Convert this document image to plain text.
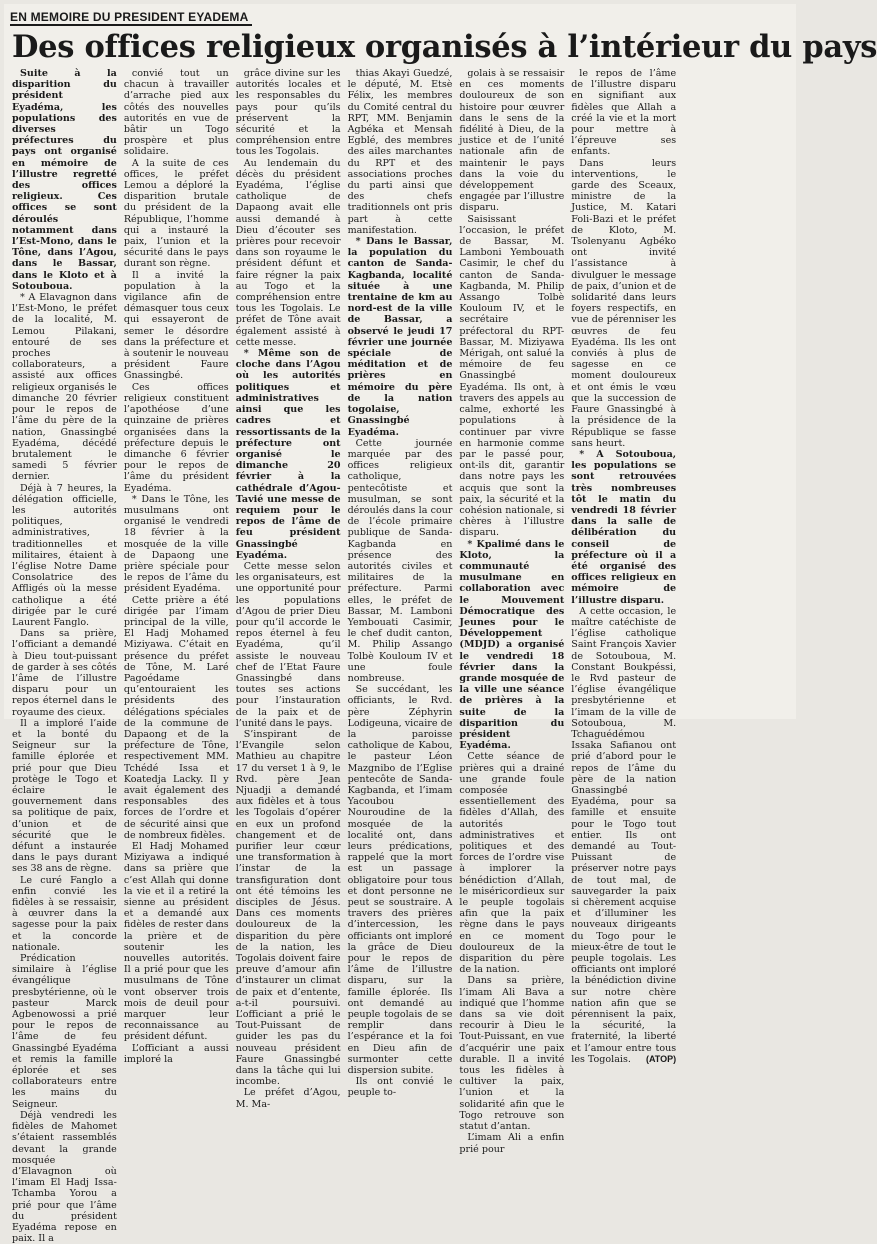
EN MEMOIRE DU PRESIDENT EYADEMA
Des offices religieux organisés à l’intérieur du pays

Suite à la disparition du président Eyadéma, les populations des diverses préfectures du pays ont organisé en mémoire de l’illustre regretté des offices religieux. Ces offices se sont déroulés notamment dans l’Est-Mono, dans le Tône, dans l’Agou, dans le Bassar, dans le Kloto et à Sotouboua.

* A Elavagnon dans l’Est-Mono, le préfet de la localité, M. Lemou Pilakani, entouré de ses proches collaborateurs, a assisté aux offices religieux organisés le dimanche 20 février pour le repos de l’âme du père de la nation, Gnassingbé Eyadéma, décédé brutalement le samedi 5 février dernier.

Déjà à 7 heures, la délégation officielle, les autorités politiques, administratives, traditionnelles et militaires, étaient à l’église Notre Dame Consolatrice des Affligés où la messe catholique a été dirigée par le curé Laurent Fanglo.

Dans sa prière, l’officiant a demandé à Dieu tout-puissant de garder à ses côtés l’âme de l’illustre disparu pour un repos éternel dans le royaume des cieux.

Il a imploré l’aide et la bonté du Seigneur sur la famille éplorée et prié pour que Dieu protège le Togo et éclaire le gouvernement dans sa politique de paix, d’union et de sécurité que le défunt a instaurée dans le pays durant ses 38 ans de règne.

Le curé Fanglo a enfin convié les fidèles à se ressaisir, à œuvrer dans la sagesse pour la paix et la concorde nationale.

Prédication similaire à l’église évangélique presbytérienne, où le pasteur Marck Agbenowossi a prié pour le repos de l’âme de feu Gnassingbé Eyadéma et remis la famille éplorée et ses collaborateurs entre les mains du Seigneur.

Déjà vendredi les fidèles de Mahomet s’étaient rassemblés devant la grande mosquée d’Elavagnon où l’imam El Hadj Issa-Tchamba Yorou a prié pour que l’âme du président Eyadéma repose en paix. Il a

convié tout un chacun à travailler d’arrache pied aux côtés des nouvelles autorités en vue de bâtir un Togo prospère et plus solidaire.

A la suite de ces offices, le préfet Lemou a déploré la disparition brutale du président de la République, l’homme qui a instauré la paix, l’union et la sécurité dans le pays durant son règne.

Il a invité la population à la vigilance afin de démasquer tous ceux qui essayeront de semer le désordre dans la préfecture et à soutenir le nouveau président Faure Gnassingbé.

Ces offices religieux constituent l’apothéose d’une quinzaine de prières organisées dans la préfecture depuis le dimanche 6 février pour le repos de l’âme du président Eyadéma.

* Dans le Tône, les musulmans ont organisé le vendredi 18 février à la mosquée de la ville de Dapaong une prière spéciale pour le repos de l’âme du président Eyadéma.

Cette prière a été dirigée par l’imam principal de la ville, El Hadj Mohamed Miziyawa. C’était en présence du préfet de Tône, M. Laré Pagoédame qu’entouraient les présidents des délégations spéciales de la commune de Dapaong et de la préfecture de Tône, respectivement MM. Tchédé Issa et Koatedja Lacky. Il y avait également des responsables des forces de l’ordre et de sécurité ainsi que de nombreux fidèles.

El Hadj Mohamed Miziyawa a indiqué dans sa prière que c’est Allah qui donne la vie et il a retiré la sienne au président et a demandé aux fidèles de rester dans la prière et de soutenir les nouvelles autorités. Il a prié pour que les musulmans de Tône vont observer trois mois de deuil pour marquer leur reconnaissance au président défunt.

L’officiant a aussi imploré la

grâce divine sur les autorités locales et les responsables du pays pour qu’ils préservent la sécurité et la compréhension entre tous les Togolais.

Au lendemain du décès du président Eyadéma, l’église catholique de Dapaong avait elle aussi demandé à Dieu d’écouter ses prières pour recevoir dans son royaume le président défunt et faire régner la paix au Togo et la compréhension entre tous les Togolais. Le préfet de Tône avait également assisté à cette messe.

* Même son de cloche dans l’Agou où les autorités politiques et administratives ainsi que les cadres et ressortissants de la préfecture ont organisé le dimanche 20 février à la cathédrale d’Agou-Tavié une messe de requiem pour le repos de l’âme de feu président Gnassingbé Eyadéma.

Cette messe selon les organisateurs, est une opportunité pour les populations d’Agou de prier Dieu pour qu’il accorde le repos éternel à feu Eyadéma, qu’il assiste le nouveau chef de l’Etat Faure Gnassingbé dans toutes ses actions pour l’instauration de la paix et de l’unité dans le pays.

S’inspirant de l’Evangile selon Mathieu au chapitre 17 du verset 1 à 9, le Rvd. père Jean Njuadji a demandé aux fidèles et à tous les Togolais d’opérer en eux un profond changement et de purifier leur cœur une transformation à l’instar de la transfiguration dont ont été témoins les disciples de Jésus. Dans ces moments douloureux de la disparition du père de la nation, les Togolais doivent faire preuve d’amour afin d’instaurer un climat de paix et d’entente, a-t-il poursuivi. L’officiant a prié le Tout-Puissant de guider les pas du nouveau président Faure Gnassingbé dans la tâche qui lui incombe.

Le préfet d’Agou, M. Ma-

thias Akayi Guedzé, le député, M. Etsè Félix, les membres du Comité central du RPT, MM. Benjamin Agbéka et Mensah Egblé, des membres des ailes marchantes du RPT et des associations proches du parti ainsi que des chefs traditionnels ont pris part à cette manifestation.

* Dans le Bassar, la population du canton de Sanda-Kagbanda, localité située à une trentaine de km au nord-est de la ville de Bassar, a observé le jeudi 17 février une journée spéciale de méditation et de prières en mémoire du père de la nation togolaise, Gnassingbé Eyadéma.

Cette journée marquée par des offices religieux catholique, pentecôtiste et musulman, se sont déroulés dans la cour de l’école primaire publique de Sanda-Kagbanda en présence des autorités civiles et militaires de la préfecture. Parmi elles, le préfet de Bassar, M. Lamboni Yembouati Casimir, le chef dudit canton, M. Philip Assango Tolbè Kouloum IV et une foule nombreuse.

Se succédant, les officiants, le Rvd. père Zéphyrin Lodigeuna, vicaire de la paroisse catholique de Kabou, le pasteur Léon Mazgnibo de l’Eglise pentecôte de Sanda-Kagbanda, et l’imam Yacoubou Nouroudine de la mosquée de la localité ont, dans leurs prédications, rappelé que la mort est un passage obligatoire pour tous et dont personne ne peut se soustraire. A travers des prières d’intercession, les officiants ont imploré la grâce de Dieu pour le repos de l’âme de l’illustre disparu, sur la famille éplorée. Ils ont demandé au peuple togolais de se remplir dans l’espérance et la foi en Dieu afin de surmonter cette dispersion subite.

Ils ont convié le peuple to-

golais à se ressaisir en ces moments douloureux de son histoire pour œuvrer dans le sens de la fidélité à Dieu, de la justice et de l’unité nationale afin de maintenir le pays dans la voie du développement engagée par l’illustre disparu.

Saisissant l’occasion, le préfet de Bassar, M. Lamboni Yembouath Casimir, le chef du canton de Sanda-Kagbanda, M. Philip Assango Tolbè Kouloum IV, et le secrétaire préfectoral du RPT-Bassar, M. Miziyawa Mérigah, ont salué la mémoire de feu Gnassingbé Eyadéma. Ils ont, à travers des appels au calme, exhorté les populations à continuer par vivre en harmonie comme par le passé pour, ont-ils dit, garantir dans notre pays les acquis que sont la paix, la sécurité et la cohésion nationale, si chères à l’illustre disparu.

* Kpalimé dans le Kloto, la communauté musulmane en collaboration avec le Mouvement Démocratique des Jeunes pour le Développement (MDJD) a organisé le vendredi 18 février dans la grande mosquée de la ville une séance de prières à la suite de la disparition du président Eyadéma.

Cette séance de prières qui a drainé une grande foule composée essentiellement des fidèles d’Allah, des autorités administratives et politiques et des forces de l’ordre vise à implorer la bénédiction d’Allah, le miséricordieux sur le peuple togolais afin que la paix règne dans le pays en ce moment douloureux de la disparition du père de la nation.

Dans sa prière, l’imam Ali Bava a indiqué que l’homme dans sa vie doit recourir à Dieu le Tout-Puissant, en vue d’acquérir une paix durable. Il a invité tous les fidèles à cultiver la paix, l’union et la solidarité afin que le Togo retrouve son statut d’antan.

L’imam Ali a enfin prié pour

le repos de l’âme de l’illustre disparu en signifiant aux fidèles que Allah a créé la vie et la mort pour mettre à l’épreuve ses enfants.

Dans leurs interventions, le garde des Sceaux, ministre de la Justice, M. Katari Foli-Bazi et le préfet de Kloto, M. Tsolenyanu Agbéko ont invité l’assistance à divulguer le message de paix, d’union et de solidarité dans leurs foyers respectifs, en vue de pérenniser les œuvres de feu Eyadéma. Ils les ont conviés à plus de sagesse en ce moment douloureux et ont émis le vœu que la succession de Faure Gnassingbé à la présidence de la République se fasse sans heurt.

* A Sotouboua, les populations se sont retrouvées très nombreuses tôt le matin du vendredi 18 février dans la salle de délibération du conseil de préfecture où il a été organisé des offices religieux en mémoire de l’illustre disparu.

A cette occasion, le maître catéchiste de l’église catholique Saint François Xavier de Sotouboua, M. Constant Boukpéssi, le Rvd pasteur de l’église évangélique presbytérienne et l’imam de la ville de Sotouboua, M. Tchaguédémou Issaka Safianou ont prié d’abord pour le repos de l’âme du père de la nation Gnassingbé Eyadéma, pour sa famille et ensuite pour le Togo tout entier. Ils ont demandé au Tout-Puissant de préserver notre pays de tout mal, de sauvegarder la paix si chèrement acquise et d’illuminer les nouveaux dirigeants du Togo pour le mieux-être de tout le peuple togolais. Les officiants ont imploré la bénédiction divine sur notre chère nation afin que se pérennisent la paix, la sécurité, la fraternité, la liberté et l’amour entre tous les Togolais.	(ATOP)
